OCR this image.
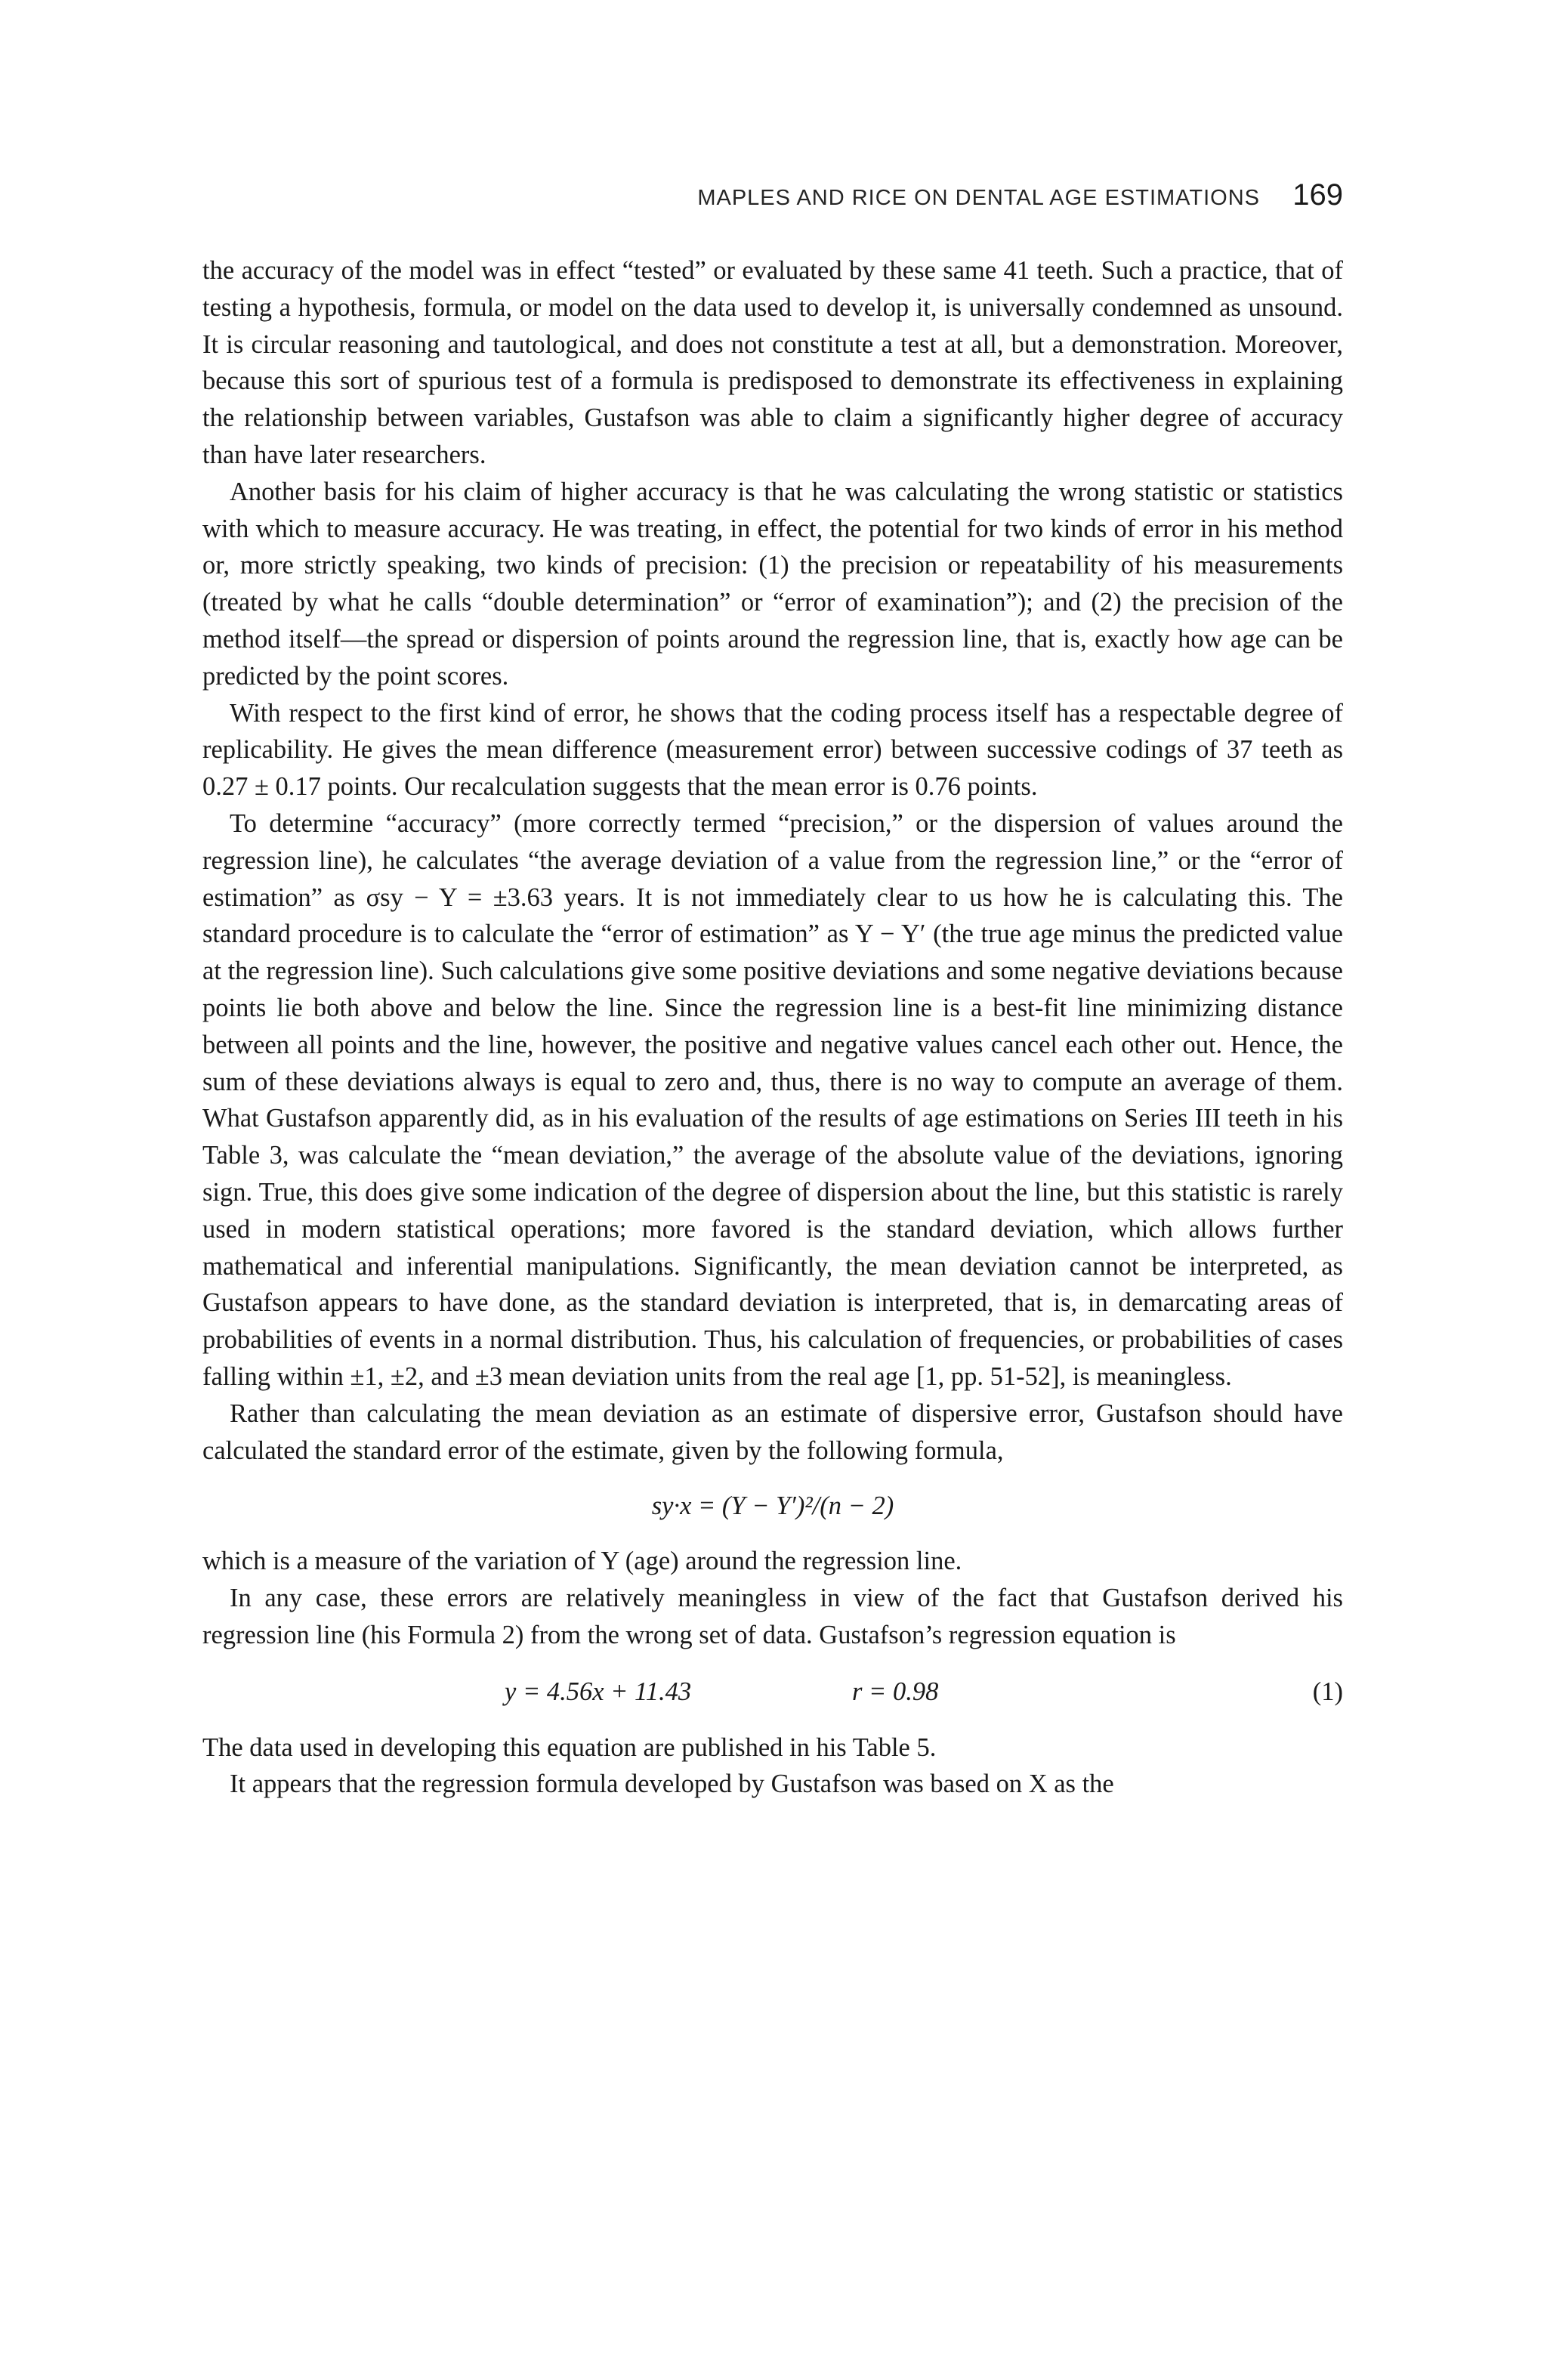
MAPLES AND RICE ON DENTAL AGE ESTIMATIONS 169

the accuracy of the model was in effect “tested” or evaluated by these same 41 teeth. Such a practice, that of testing a hypothesis, formula, or model on the data used to develop it, is universally condemned as unsound. It is circular reasoning and tautological, and does not constitute a test at all, but a demonstration. Moreover, because this sort of spurious test of a formula is predisposed to demonstrate its effectiveness in explaining the relationship between variables, Gustafson was able to claim a significantly higher degree of accuracy than have later researchers.

Another basis for his claim of higher accuracy is that he was calculating the wrong statistic or statistics with which to measure accuracy. He was treating, in effect, the potential for two kinds of error in his method or, more strictly speaking, two kinds of precision: (1) the precision or repeatability of his measurements (treated by what he calls “double determination” or “error of examination”); and (2) the precision of the method itself—the spread or dispersion of points around the regression line, that is, exactly how age can be predicted by the point scores.

With respect to the first kind of error, he shows that the coding process itself has a respectable degree of replicability. He gives the mean difference (measurement error) between successive codings of 37 teeth as 0.27 ± 0.17 points. Our recalculation suggests that the mean error is 0.76 points.

To determine “accuracy” (more correctly termed “precision,” or the dispersion of values around the regression line), he calculates “the average deviation of a value from the regression line,” or the “error of estimation” as σsy − Y = ±3.63 years. It is not immediately clear to us how he is calculating this. The standard procedure is to calculate the “error of estimation” as Y − Y′ (the true age minus the predicted value at the regression line). Such calculations give some positive deviations and some negative deviations because points lie both above and below the line. Since the regression line is a best-fit line minimizing distance between all points and the line, however, the positive and negative values cancel each other out. Hence, the sum of these deviations always is equal to zero and, thus, there is no way to compute an average of them. What Gustafson apparently did, as in his evaluation of the results of age estimations on Series III teeth in his Table 3, was calculate the “mean deviation,” the average of the absolute value of the deviations, ignoring sign. True, this does give some indication of the degree of dispersion about the line, but this statistic is rarely used in modern statistical operations; more favored is the standard deviation, which allows further mathematical and inferential manipulations. Significantly, the mean deviation cannot be interpreted, as Gustafson appears to have done, as the standard deviation is interpreted, that is, in demarcating areas of probabilities of events in a normal distribution. Thus, his calculation of frequencies, or probabilities of cases falling within ±1, ±2, and ±3 mean deviation units from the real age [1, pp. 51-52], is meaningless.

Rather than calculating the mean deviation as an estimate of dispersive error, Gustafson should have calculated the standard error of the estimate, given by the following formula,

sy·x = (Y − Y′)²/(n − 2)

which is a measure of the variation of Y (age) around the regression line.

In any case, these errors are relatively meaningless in view of the fact that Gustafson derived his regression line (his Formula 2) from the wrong set of data. Gustafson’s regression equation is

y = 4.56x + 11.43	r = 0.98	(1)

The data used in developing this equation are published in his Table 5.

It appears that the regression formula developed by Gustafson was based on X as the
